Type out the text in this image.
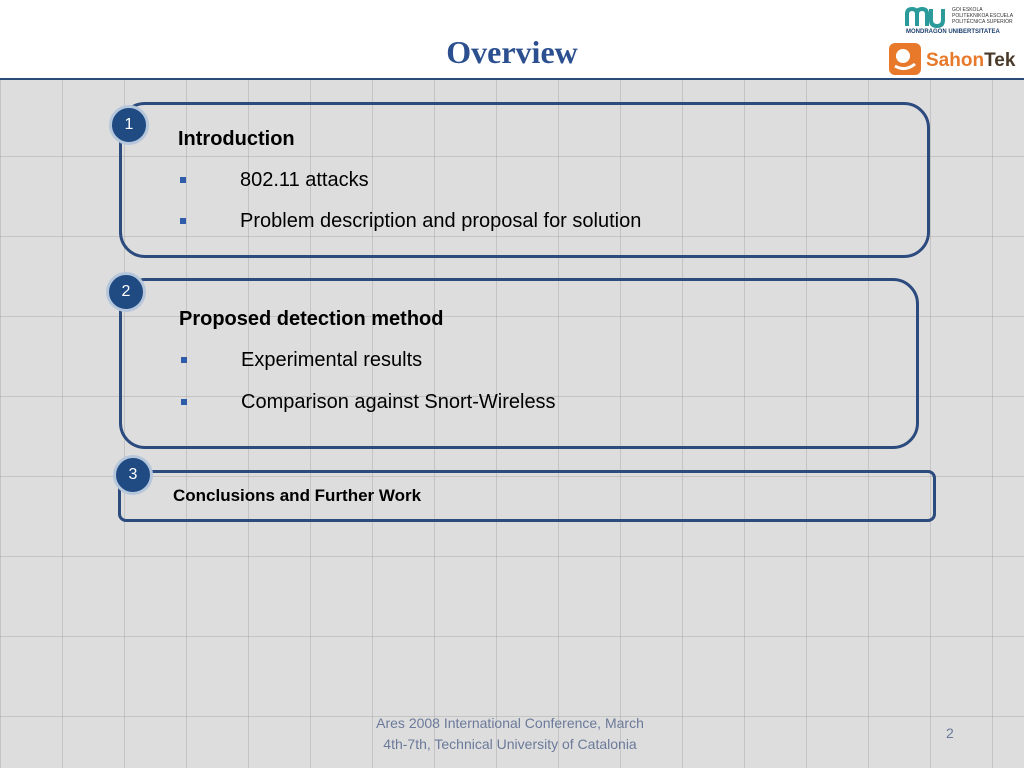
Overview
MONDRAGON UNIBERTSITATEA
GOI ESKOLA POLITEKNIKOA ESCUELA POLITÉCNICA SUPERIOR
SahonTek
1
Introduction
802.11 attacks
Problem description and proposal for solution
2
Proposed detection method
Experimental results
Comparison against Snort-Wireless
3
Conclusions and Further Work
Ares 2008 International Conference, March
4th-7th, Technical University of Catalonia
2
